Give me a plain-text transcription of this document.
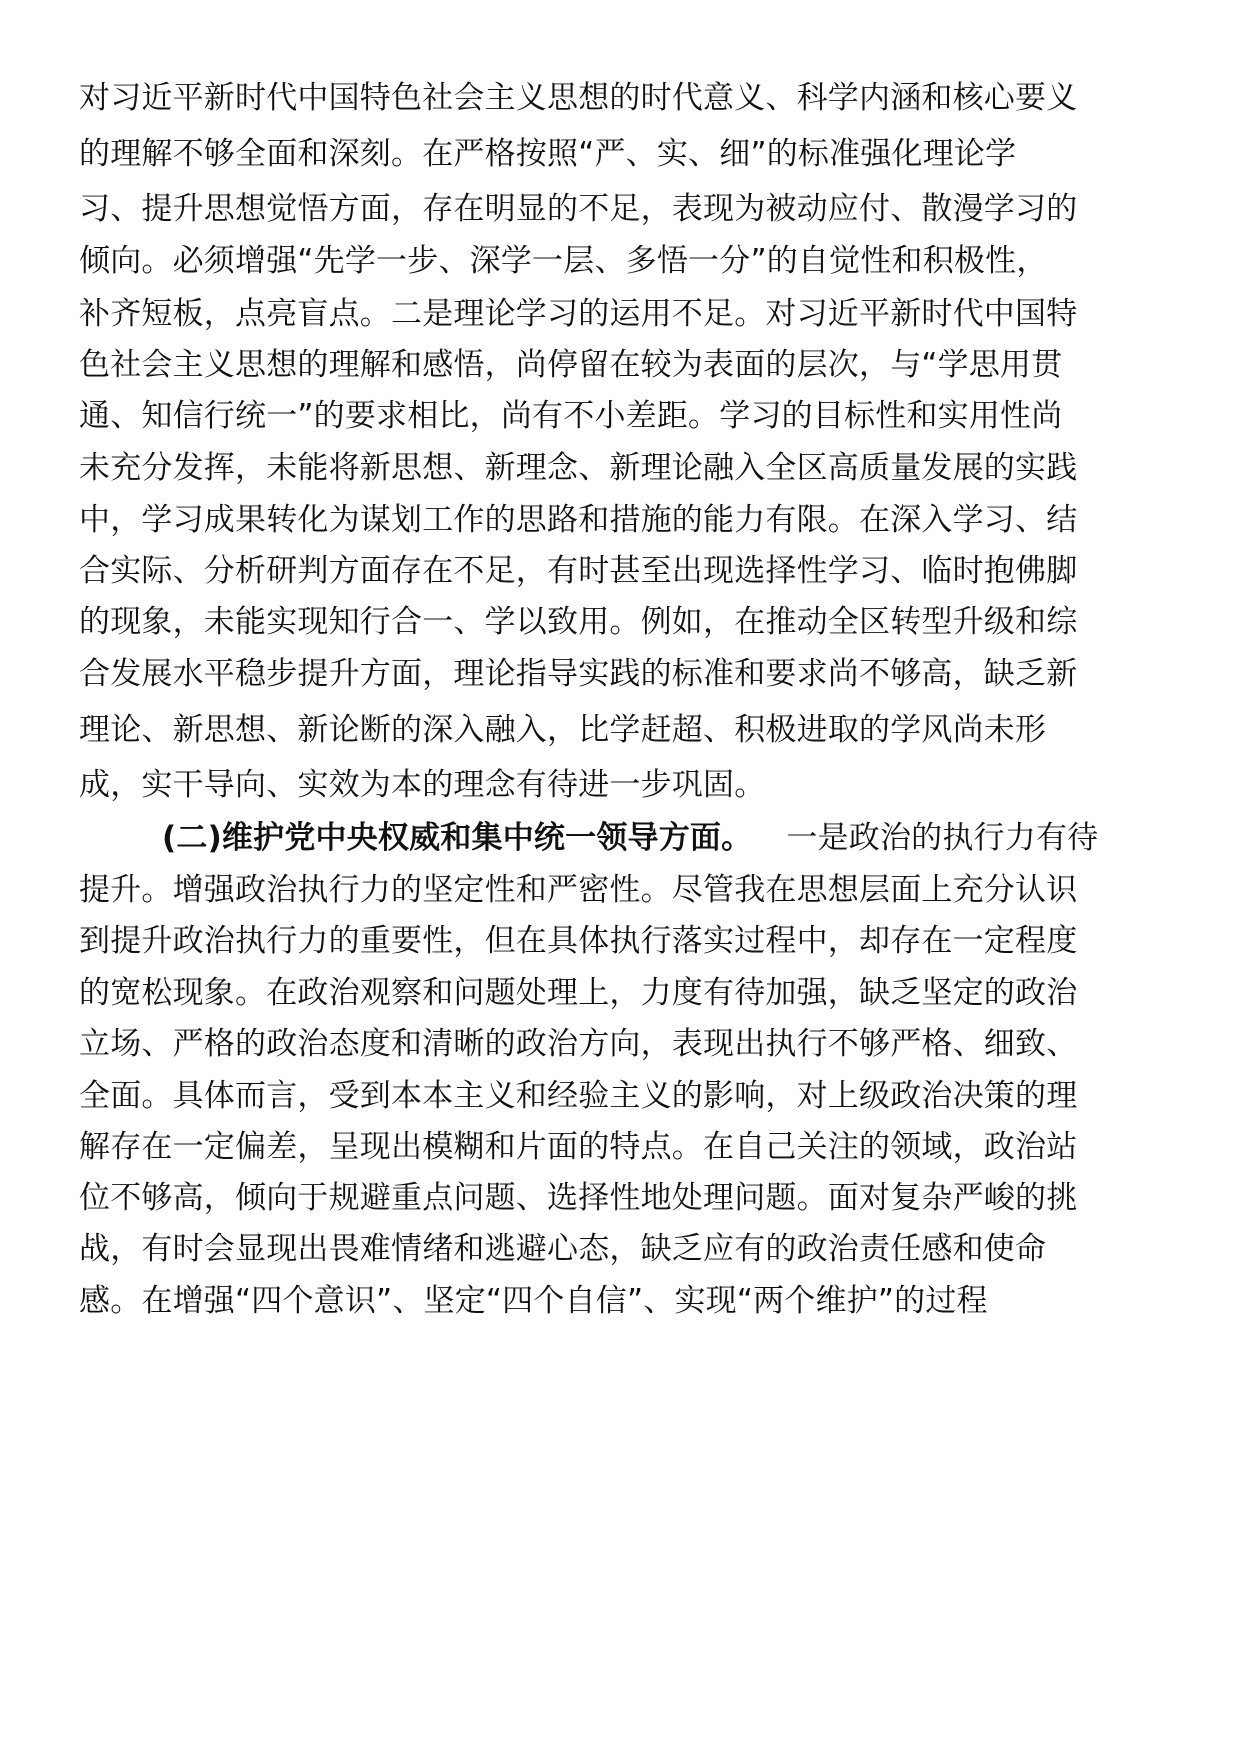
对习近平新时代中国特色社会主义思想的时代意义、科学内涵和核心要义
的理解不够全面和深刻。在严格按照“严、实、细”的标准强化理论学
习、提升思想觉悟方面，存在明显的不足，表现为被动应付、散漫学习的
倾向。必须增强“先学一步、深学一层、多悟一分”的自觉性和积极性，
补齐短板，点亮盲点。二是理论学习的运用不足。对习近平新时代中国特
色社会主义思想的理解和感悟，尚停留在较为表面的层次，与“学思用贯
通、知信行统一”的要求相比，尚有不小差距。学习的目标性和实用性尚
未充分发挥，未能将新思想、新理念、新理论融入全区高质量发展的实践
中，学习成果转化为谋划工作的思路和措施的能力有限。在深入学习、结
合实际、分析研判方面存在不足，有时甚至出现选择性学习、临时抱佛脚
的现象，未能实现知行合一、学以致用。例如，在推动全区转型升级和综
合发展水平稳步提升方面，理论指导实践的标准和要求尚不够高，缺乏新
理论、新思想、新论断的深入融入，比学赶超、积极进取的学风尚未形
成，实干导向、实效为本的理念有待进一步巩固。
(二)维护党中央权威和集中统一领导方面。 一是政治的执行力有待
提升。增强政治执行力的坚定性和严密性。尽管我在思想层面上充分认识
到提升政治执行力的重要性，但在具体执行落实过程中，却存在一定程度
的宽松现象。在政治观察和问题处理上，力度有待加强，缺乏坚定的政治
立场、严格的政治态度和清晰的政治方向，表现出执行不够严格、细致、
全面。具体而言，受到本本主义和经验主义的影响，对上级政治决策的理
解存在一定偏差，呈现出模糊和片面的特点。在自己关注的领域，政治站
位不够高，倾向于规避重点问题、选择性地处理问题。面对复杂严峻的挑
战，有时会显现出畏难情绪和逃避心态，缺乏应有的政治责任感和使命
感。在增强“四个意识”、坚定“四个自信”、实现“两个维护”的过程
